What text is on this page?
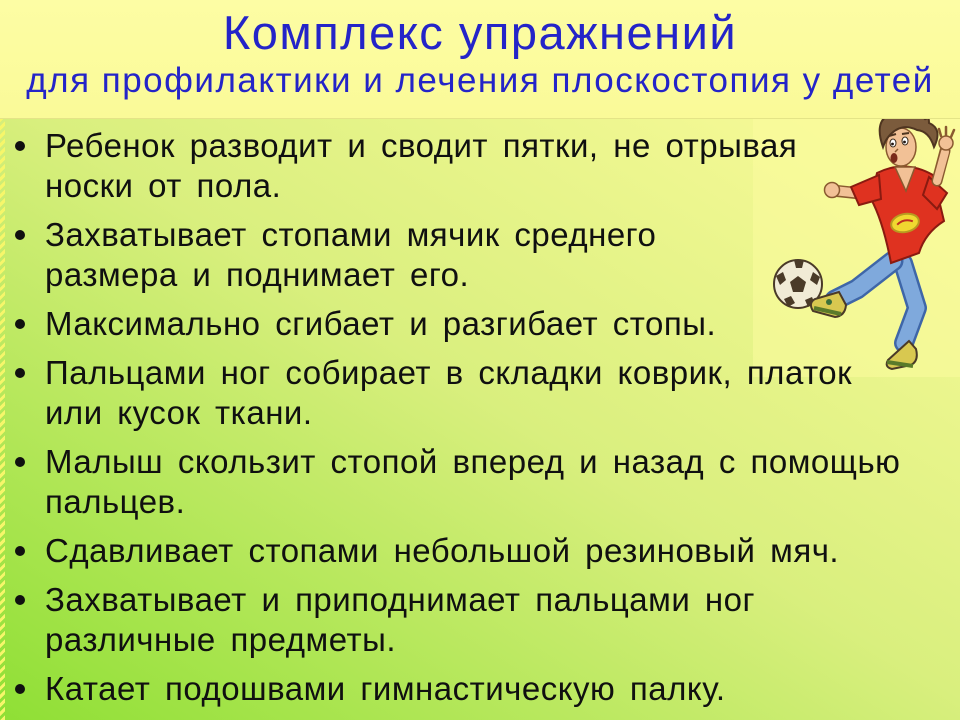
Комплекс упражнений
для профилактики и лечения плоскостопия у детей
Ребенок разводит и сводит пятки, не отрывая
носки от пола.
Захватывает стопами мячик среднего
размера и поднимает его.
Максимально сгибает и разгибает стопы.
Пальцами ног собирает в складки коврик, платок
или кусок ткани.
Малыш скользит стопой вперед и назад с помощью
пальцев.
Сдавливает стопами небольшой резиновый мяч.
Захватывает и приподнимает пальцами ног
различные предметы.
Катает подошвами гимнастическую палку.
